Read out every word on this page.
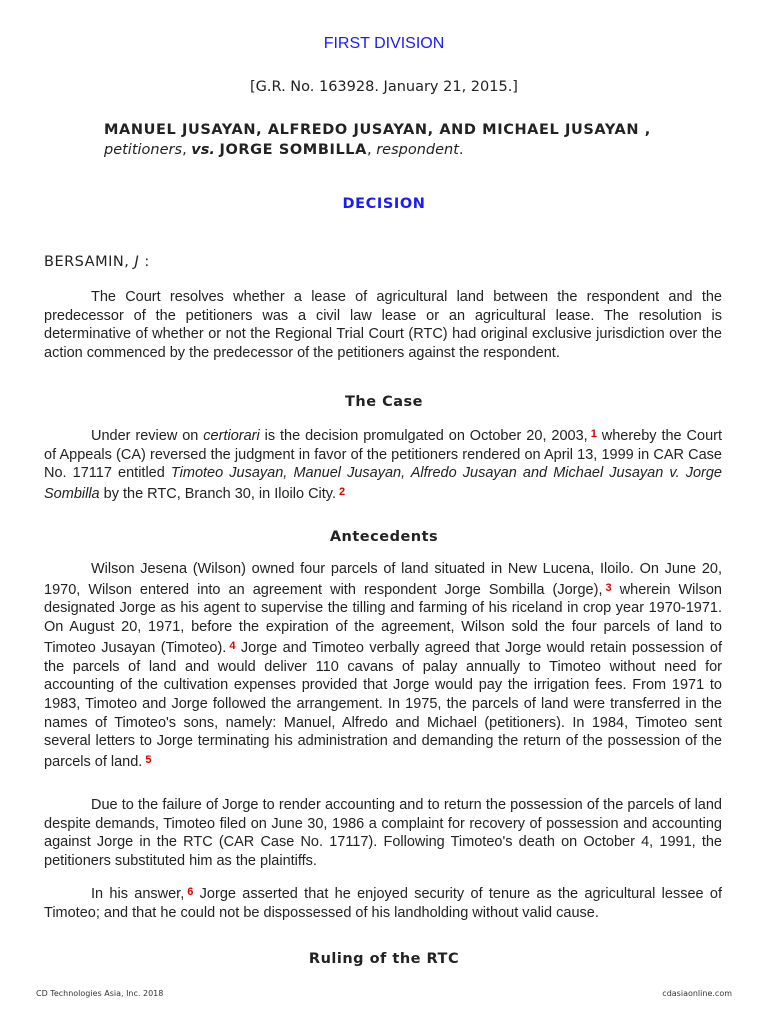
FIRST DIVISION
[G.R. No. 163928. January 21, 2015.]
MANUEL JUSAYAN, ALFREDO JUSAYAN, AND MICHAEL JUSAYAN ,
petitioners, vs. JORGE SOMBILLA, respondent.
DECISION
BERSAMIN, J :

The Court resolves whether a lease of agricultural land between the respondent and the predecessor of the petitioners was a civil law lease or an agricultural lease. The resolution is determinative of whether or not the Regional Trial Court (RTC) had original exclusive jurisdiction over the action commenced by the predecessor of the petitioners against the respondent.

The Case

Under review on certiorari is the decision promulgated on October 20, 2003, $^1$ whereby the Court of Appeals (CA) reversed the judgment in favor of the petitioners rendered on April 13, 1999 in CAR Case No. 17117 entitled Timoteo Jusayan, Manuel Jusayan, Alfredo Jusayan and Michael Jusayan v. Jorge Sombilla by the RTC, Branch 30, in Iloilo City. $^2$

Antecedents

Wilson Jesena (Wilson) owned four parcels of land situated in New Lucena, Iloilo. On June 20, 1970, Wilson entered into an agreement with respondent Jorge Sombilla (Jorge), $^3$ wherein Wilson designated Jorge as his agent to supervise the tilling and farming of his riceland in crop year 1970-1971. On August 20, 1971, before the expiration of the agreement, Wilson sold the four parcels of land to Timoteo Jusayan (Timoteo). $^4$ Jorge and Timoteo verbally agreed that Jorge would retain possession of the parcels of land and would deliver 110 cavans of palay annually to Timoteo without need for accounting of the cultivation expenses provided that Jorge would pay the irrigation fees. From 1971 to 1983, Timoteo and Jorge followed the arrangement. In 1975, the parcels of land were transferred in the names of Timoteo's sons, namely: Manuel, Alfredo and Michael (petitioners). In 1984, Timoteo sent several letters to Jorge terminating his administration and demanding the return of the possession of the parcels of land. $^5$

Due to the failure of Jorge to render accounting and to return the possession of the parcels of land despite demands, Timoteo filed on June 30, 1986 a complaint for recovery of possession and accounting against Jorge in the RTC (CAR Case No. 17117). Following Timoteo's death on October 4, 1991, the petitioners substituted him as the plaintiffs.

In his answer, $^6$ Jorge asserted that he enjoyed security of tenure as the agricultural lessee of Timoteo; and that he could not be dispossessed of his landholding without valid cause.

Ruling of the RTC
CD Technologies Asia, Inc. 2018	cdasiaonline.com
